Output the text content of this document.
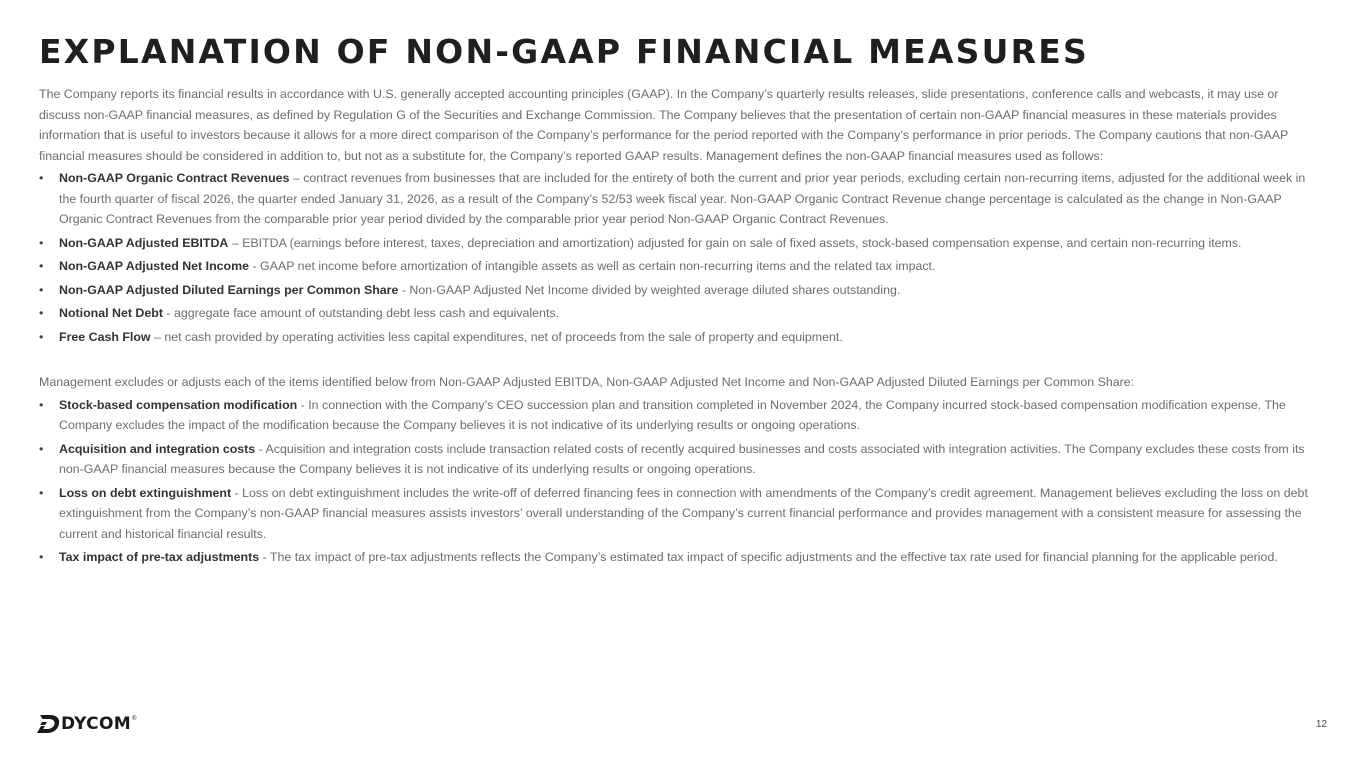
EXPLANATION OF NON-GAAP FINANCIAL MEASURES

The Company reports its financial results in accordance with U.S. generally accepted accounting principles (GAAP). In the Company’s quarterly results releases, slide presentations, conference calls and webcasts, it may use or discuss non-GAAP financial measures, as defined by Regulation G of the Securities and Exchange Commission. The Company believes that the presentation of certain non-GAAP financial measures in these materials provides information that is useful to investors because it allows for a more direct comparison of the Company’s performance for the period reported with the Company’s performance in prior periods. The Company cautions that non-GAAP financial measures should be considered in addition to, but not as a substitute for, the Company’s reported GAAP results. Management defines the non-GAAP financial measures used as follows:

• Non-GAAP Organic Contract Revenues – contract revenues from businesses that are included for the entirety of both the current and prior year periods, excluding certain non-recurring items, adjusted for the additional week in the fourth quarter of fiscal 2026, the quarter ended January 31, 2026, as a result of the Company’s 52/53 week fiscal year. Non-GAAP Organic Contract Revenue change percentage is calculated as the change in Non-GAAP Organic Contract Revenues from the comparable prior year period divided by the comparable prior year period Non-GAAP Organic Contract Revenues.
• Non-GAAP Adjusted EBITDA – EBITDA (earnings before interest, taxes, depreciation and amortization) adjusted for gain on sale of fixed assets, stock-based compensation expense, and certain non-recurring items.
• Non-GAAP Adjusted Net Income - GAAP net income before amortization of intangible assets as well as certain non-recurring items and the related tax impact.
• Non-GAAP Adjusted Diluted Earnings per Common Share - Non-GAAP Adjusted Net Income divided by weighted average diluted shares outstanding.
• Notional Net Debt - aggregate face amount of outstanding debt less cash and equivalents.
• Free Cash Flow – net cash provided by operating activities less capital expenditures, net of proceeds from the sale of property and equipment.

Management excludes or adjusts each of the items identified below from Non-GAAP Adjusted EBITDA, Non-GAAP Adjusted Net Income and Non-GAAP Adjusted Diluted Earnings per Common Share:

• Stock-based compensation modification - In connection with the Company’s CEO succession plan and transition completed in November 2024, the Company incurred stock-based compensation modification expense. The Company excludes the impact of the modification because the Company believes it is not indicative of its underlying results or ongoing operations.
• Acquisition and integration costs - Acquisition and integration costs include transaction related costs of recently acquired businesses and costs associated with integration activities. The Company excludes these costs from its non-GAAP financial measures because the Company believes it is not indicative of its underlying results or ongoing operations.
• Loss on debt extinguishment - Loss on debt extinguishment includes the write-off of deferred financing fees in connection with amendments of the Company’s credit agreement. Management believes excluding the loss on debt extinguishment from the Company’s non-GAAP financial measures assists investors’ overall understanding of the Company’s current financial performance and provides management with a consistent measure for assessing the current and historical financial results.
• Tax impact of pre-tax adjustments - The tax impact of pre-tax adjustments reflects the Company’s estimated tax impact of specific adjustments and the effective tax rate used for financial planning for the applicable period.
DYCOM ®	12
